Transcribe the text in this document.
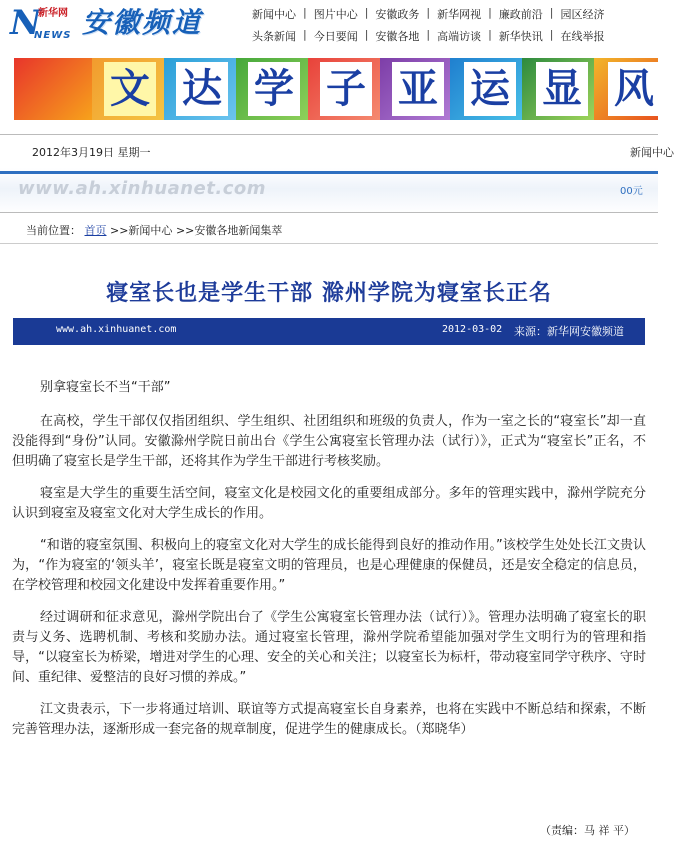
N
新华网
NEWS 安徽频道	新闻中心 | 图片中心 | 安徽政务 | 新华网视 | 廉政前沿 | 园区经济
头条新闻 | 今日要闻 | 安徽各地 | 高端访谈 | 新华快讯 | 在线举报
文 达 学 子 亚 运 显 风
2012年3月19日 星期一	新闻中心
www.ah.xinhuanet.com	00元
当前位置： 首页 >>新闻中心 >>安徽各地新闻集萃
寝室长也是学生干部 滁州学院为寝室长正名
www.ah.xinhuanet.com	2012-03-02 来源：新华网安徽频道

别拿寝室长不当“干部”

在高校，学生干部仅仅指团组织、学生组织、社团组织和班级的负责人，作为一室之长的“寝室长”却一直没能得到“身份”认同。安徽滁州学院日前出台《学生公寓寝室长管理办法（试行）》，正式为“寝室长”正名，不但明确了寝室长是学生干部，还将其作为学生干部进行考核奖励。

寝室是大学生的重要生活空间，寝室文化是校园文化的重要组成部分。多年的管理实践中，滁州学院充分认识到寝室及寝室文化对大学生成长的作用。

“和谐的寝室氛围、积极向上的寝室文化对大学生的成长能得到良好的推动作用。”该校学生处处长江文贵认为，“作为寝室的‘领头羊’，寝室长既是寝室文明的管理员，也是心理健康的保健员，还是安全稳定的信息员，在学校管理和校园文化建设中发挥着重要作用。”

经过调研和征求意见，滁州学院出台了《学生公寓寝室长管理办法（试行）》。管理办法明确了寝室长的职责与义务、选聘机制、考核和奖励办法。通过寝室长管理，滁州学院希望能加强对学生文明行为的管理和指导，“以寝室长为桥梁，增进对学生的心理、安全的关心和关注；以寝室长为标杆，带动寝室同学守秩序、守时间、重纪律、爱整洁的良好习惯的养成。”

江文贵表示，下一步将通过培训、联谊等方式提高寝室长自身素养，也将在实践中不断总结和探索，不断完善管理办法，逐渐形成一套完备的规章制度，促进学生的健康成长。（郑晓华）

（责编：马 祥 平）
